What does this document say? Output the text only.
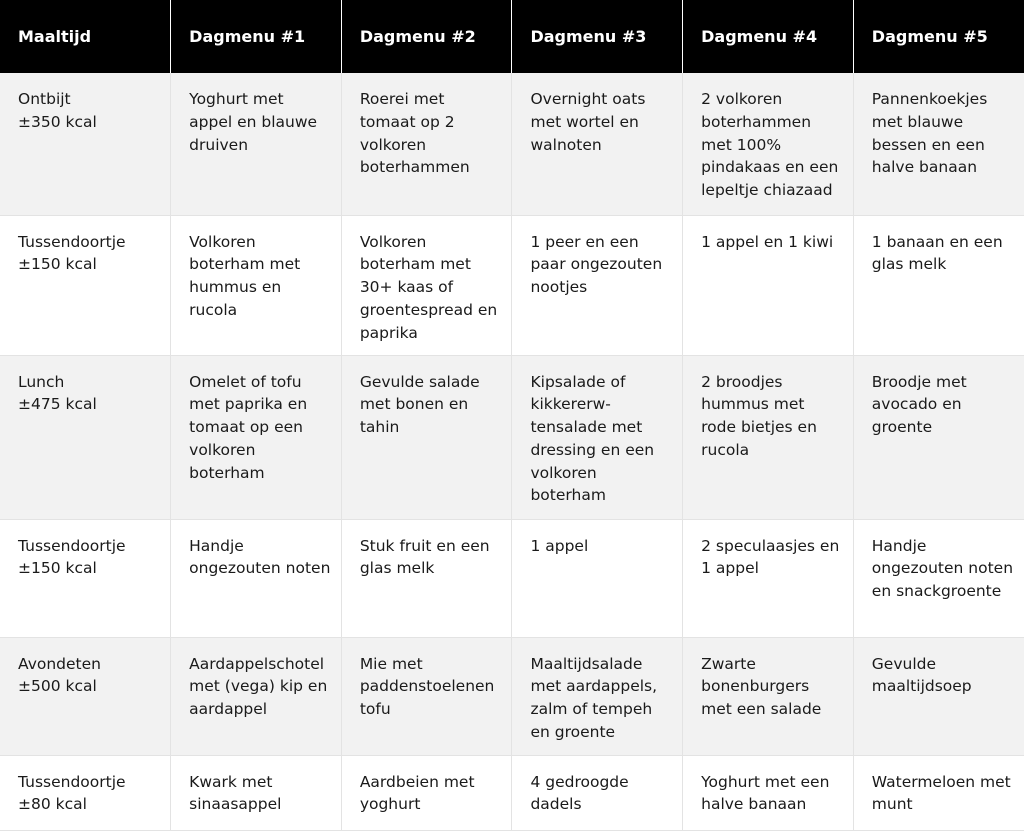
Maaltijd	Dagmenu #1	Dagmenu #2	Dagmenu #3	Dagmenu #4	Dagmenu #5

Ontbijt
±350 kcal	Yoghurt met appel en blauwe druiven	Roerei met tomaat op 2 volkoren boterhammen	Overnight oats met wortel en walnoten	2 volkoren boterhammen met 100% pindakaas en een lepeltje chiazaad	Pannenkoekjes met blauwe bessen en een halve banaan

Tussendoortje
±150 kcal	Volkoren boterham met hummus en rucola	Volkoren boterham met 30+ kaas of groentespread en paprika	1 peer en een paar ongezouten nootjes	1 appel en 1 kiwi	1 banaan en een glas melk

Lunch
±475 kcal	Omelet of tofu met paprika en tomaat op een volkoren boterham	Gevulde salade met bonen en tahin	Kipsalade of kikkererw-tensalade met dressing en een volkoren boterham	2 broodjes hummus met rode bietjes en rucola	Broodje met avocado en groente

Tussendoortje
±150 kcal	Handje ongezouten noten	Stuk fruit en een glas melk	1 appel	2 speculaasjes en 1 appel	Handje ongezouten noten en snackgroente

Avondeten
±500 kcal	Aardappelschotel met (vega) kip en aardappel	Mie met paddenstoelenen tofu	Maaltijdsalade met aardappels, zalm of tempeh en groente	Zwarte bonenburgers met een salade	Gevulde maaltijdsoep

Tussendoortje
±80 kcal	Kwark met sinaasappel	Aardbeien met yoghurt	4 gedroogde dadels	Yoghurt met een halve banaan	Watermeloen met munt
